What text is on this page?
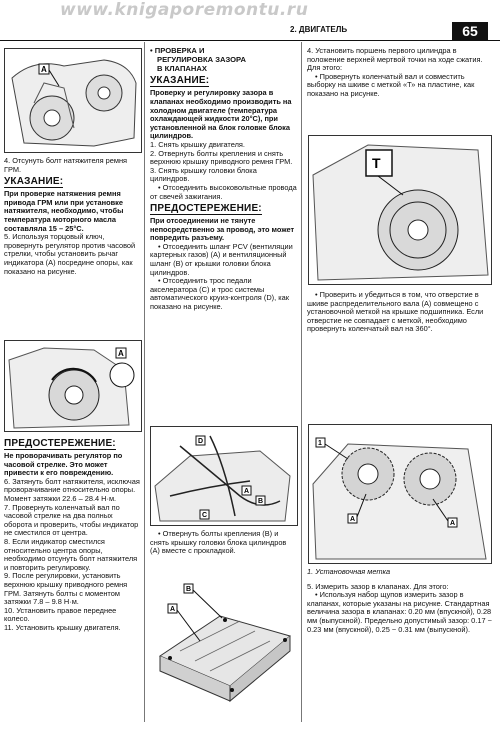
www.knigaрoremontu.ru
2. ДВИГАТЕЛЬ	65
A

4. Отсунуть болт натяжителя ремня ГРМ.

УКАЗАНИЕ:

При проверке натяжения ремня привода ГРМ или при установке натяжителя, необходимо, чтобы температура моторного масла составляла 15 – 25°C.

5. Используя торцовый ключ, провернуть регулятор против часовой стрелки, чтобы установить рычаг индикатора (А) посредине опоры, как показано на рисунке.

A
ПРЕДОСТЕРЕЖЕНИЕ:

Не проворачивать регулятор по часовой стрелке. Это может привести к его повреждению.

6. Затянуть болт натяжителя, исключая проворачивание относительно опоры. Момент затяжки 22.6 – 28.4 Н·м.

7. Провернуть коленчатый вал по часовой стрелке на два полных оборота и проверить, чтобы индикатор не сместился от центра.

8. Если индикатор сместился относительно центра опоры, необходимо отсунуть болт натяжителя и повторить регулировку.

9. После регулировки, установить верхнюю крышку приводного ремня ГРМ. Затянуть болты с моментом затяжки 7.8 – 9.8 Н·м.

10. Установить правое переднее колесо.

11. Установить крышку двигателя.

• ПРОВЕРКА И

РЕГУЛИРОВКА ЗАЗОРА

В КЛАПАНАХ

УКАЗАНИЕ:

Проверку и регулировку зазора в клапанах необходимо производить на холодном двигателе (температура охлаждающей жидкости 20°C), при установленной на блок головке блока цилиндров.

1. Снять крышку двигателя.

2. Отвернуть болты крепления и снять верхнюю крышку приводного ремня ГРМ.

3. Снять крышку головки блока цилиндров.

• Отсоединить высоковольтные провода от свечей зажигания.

ПРЕДОСТЕРЕЖЕНИЕ:

При отсоединении не тянуте непосредственно за провод, это может повредить разъему.

• Отсоединить шланг PCV (вентиляции картерных газов) (А) и вентиляционный шланг (B) от крышки головки блока цилиндров.

• Отсоединить трос педали акселератора (C) и трос системы автоматического круиз-контроля (D), как показано на рисунке.

D
A
B
C

• Отвернуть болты крепления (B) и снять крышку головки блока цилиндров (A) вместе с прокладкой.

B
A

4. Установить поршень первого цилиндра в положение верхней мертвой точки на ходе сжатия. Для этого:

• Провернуть коленчатый вал и совместить выборку на шкиве с меткой «Т» на пластине, как показано на рисунке.

T

• Проверить и убедиться в том, что отверстие в шкиве распределительного вала (A) совмещено с установочной меткой на крышке подшипника. Если отверстие не совпадает с меткой, необходимо провернуть коленчатый вал на 360°.

1
A
A

1. Установочная метка

5. Измерить зазор в клапанах. Для этого:

• Используя набор щупов измерить зазор в клапанах, которые указаны на рисунке. Стандартная величина зазора в клапанах: 0.20 мм (впускной), 0.28 мм (выпускной). Предельно допустимый зазор: 0.17 ~ 0.23 мм (впускной), 0.25 ~ 0.31 мм (выпускной).
